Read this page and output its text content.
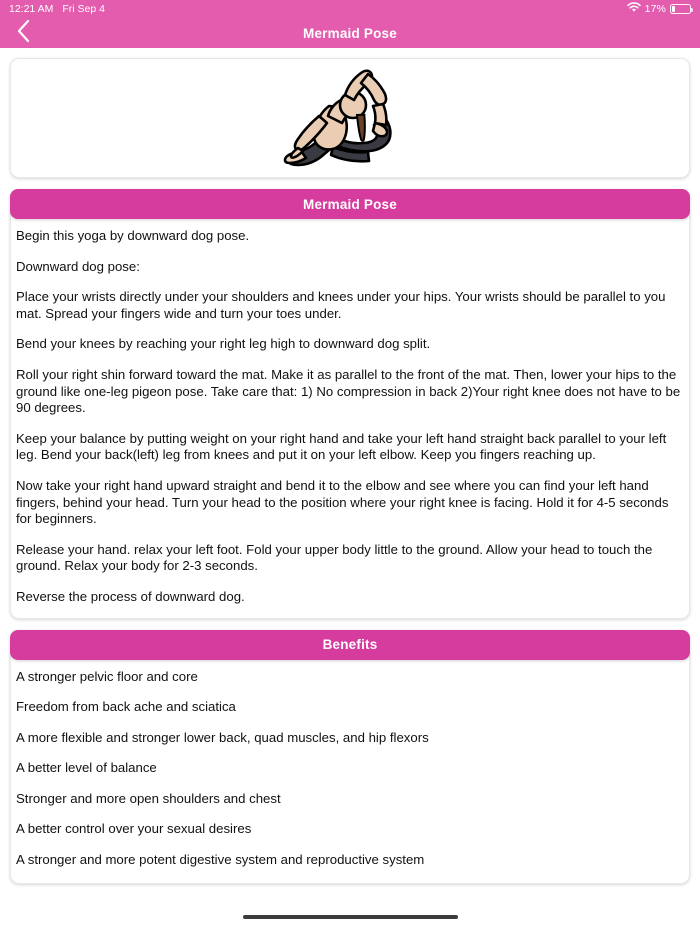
12:21 AM Fri Sep 4	17%
Mermaid Pose
Mermaid Pose

Begin this yoga by downward dog pose.

Downward dog pose:

Place your wrists directly under your shoulders and knees under your hips. Your wrists should be parallel to you mat. Spread your fingers wide and turn your toes under.

Bend your knees by reaching your right leg high to downward dog split.

Roll your right shin forward toward the mat. Make it as parallel to the front of the mat. Then, lower your hips to the ground like one-leg pigeon pose. Take care that: 1) No compression in back 2)Your right knee does not have to be 90 degrees.

Keep your balance by putting weight on your right hand and take your left hand straight back parallel to your left leg. Bend your back(left) leg from knees and put it on your left elbow. Keep you fingers reaching up.

Now take your right hand upward straight and bend it to the elbow and see where you can find your left hand fingers, behind your head. Turn your head to the position where your right knee is facing. Hold it for 4-5 seconds for beginners.

Release your hand. relax your left foot. Fold your upper body little to the ground. Allow your head to touch the ground. Relax your body for 2-3 seconds.

Reverse the process of downward dog.

Benefits

A stronger pelvic floor and core

Freedom from back ache and sciatica

A more flexible and stronger lower back, quad muscles, and hip flexors

A better level of balance

Stronger and more open shoulders and chest

A better control over your sexual desires

A stronger and more potent digestive system and reproductive system
